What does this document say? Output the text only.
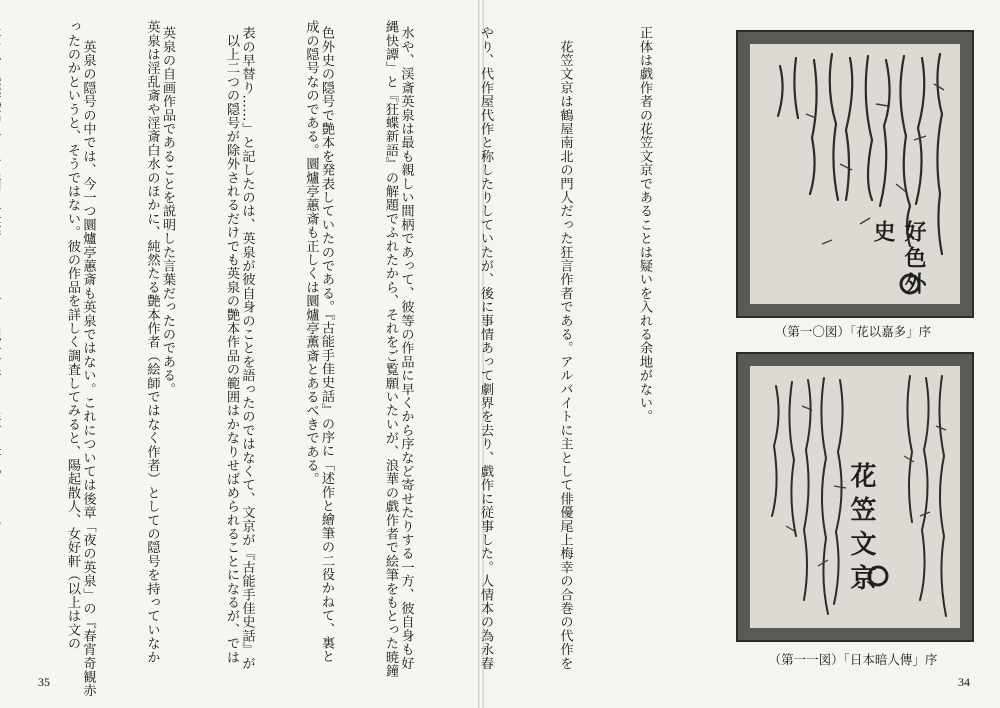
縄快譚」と『狂蝶新語』の解題でふれたから、それをご覧願いたいが、浪華の戯作者で絵筆をもとった暁鐘

成の隠号なのである。圜爐亭蕙斎も正しくは圜爐亭薫斎とあるべきである。

　以上二つの隠号が除外されるだけでも英泉の艶本作品の範囲はかなりせばめられることになるが、では

英泉は淫乱斎や淫斎白水のほかに、純然たる艶本作者（絵師ではなく作者）としての隠号を持っていなか

ったのかというと、そうではない。彼の作品を詳しく調査してみると、陽起散人、女好軒（以上は文の

35

正体は戯作者の花笠文京であることは疑いを入れる余地がない。

　花笠文京は鶴屋南北の門人だった狂言作者である。アルバイトに主として俳優尾上梅幸の合巻の代作を

やり、代作屋代作と称したりしていたが、後に事情あって劇界を去り、戯作に従事した。人情本の為永春

水や、渓斎英泉は最も親しい間柄であって、彼等の作品に早くから序など寄せたりする一方、彼自身も好

色外史の隠号で艶本を発表していたのである。『古能手佳史話』の序に「述作と繪筆の二役かねて、裏と

表の早替り……」と記したのは、英泉が彼自身のことを語ったのではなくて、文京が『古能手佳史話』が

英泉の自画作品であることを説明した言葉だったのである。

　英泉の隠号の中では、今一つ圜爐亭蕙斎も英泉ではない。これについては後章「夜の英泉」の『春宵奇観赤

	34
好色外史
（第一〇図）「花以嘉多」序
花笠文京
（第一一図）「日本暗人傳」序
